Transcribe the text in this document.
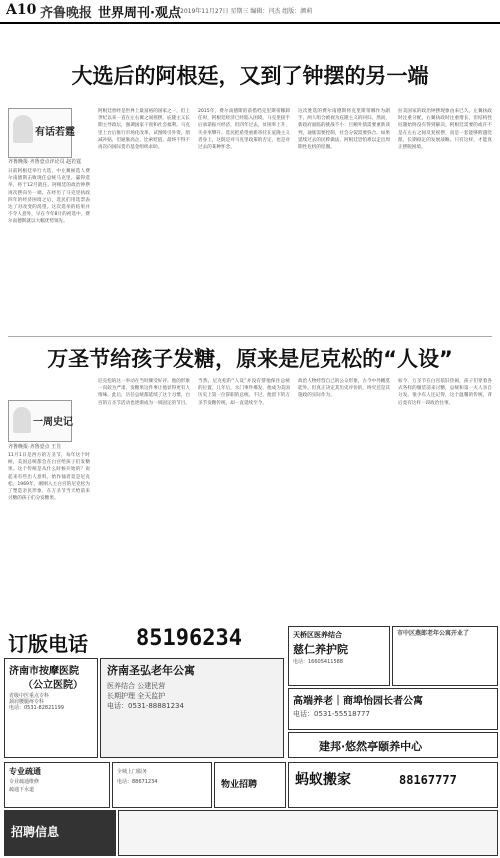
A10 齐鲁晚报 世界周刊·观点 2019年11月27日 星期三 编辑：闫杰 组版：颜莉
大选后的阿根廷，又到了钟摆的另一端
有话若霆
齐鲁晚报·齐鲁壹点评论员 赵若霆
日前阿根廷举行大选，中左翼候选人费尔南德斯击败现任总统马克里，赢得选举，将于12月就任。阿根廷的政治钟摆再次摆向另一端。在经历了马克里执政四年的经济困境之后，选民们用选票表达了对改变的渴望。这次选举的结果并不令人意外，早在今年8月的初选中，费尔南德斯就以大幅优势领先。
阿根廷曾经是世界上最富裕的国家之一，但上世纪以来一直在左右翼之间摇摆。庇隆主义长期主导政坛，强调国家干预和社会福利。马克里上台后推行市场化改革，试图吸引外资，削减补贴，但通胀高企、比索贬值，最终不得不再次向国际货币基金组织求助。
2015年，费尔南德斯的前搭档克里斯蒂娜卸任时，阿根廷经济已经陷入困境。马克里接手后承诺振兴经济，但四年过去，贫困率上升，失业率攀升。选民把希望重新寄托在庇隆主义者身上，这既是对马克里政策的否定，也是对过去的某种怀念。
这次胜选的费尔南德斯将克里斯蒂娜作为副手，两人组合被视为庇隆主义的回归。然而，新政府面临的挑战不小：巨额外债需要重新谈判，通胀需要控制，社会分裂需要弥合。如果延续过去的民粹做法，阿根廷恐怕难以走出周期性危机的怪圈。
拉美国家的政治钟摆现象由来已久。左翼执政时注重分配，右翼执政时注重增长，但结构性问题始终没有得到解决。阿根廷需要的或许不是在左右之间反复摇摆，而是一套能够跨越党派、长期稳定的发展战略。只有这样，才能真正摆脱困境。
万圣节给孩子发糖，原来是尼克松的“人设”
一周史记
齐鲁晚报·齐鲁壹点 王昱
11月1日是西方的万圣节，每年这个时候，美国总统都会在白宫给孩子们发糖果。这个传统是从什么时候开始的？说起来有些出人意料，始作俑者竟是尼克松。1969年，刚刚入主白宫的尼克松为了塑造亲民形象，在万圣节当天给前来讨糖的孩子们分发糖果。
尼克松的这一举动在当时颇受好评。他的形象一向较为严肃，发糖果这件事让他显得更有人情味。此后，历任总统都延续了这个习惯，白宫的万圣节活动也逐渐成为一项固定的节目。
当然，尼克松的“人设”并没有帮他保住总统的位置。几年后，水门事件爆发，他成为美国历史上第一位辞职的总统。不过，他留下的万圣节发糖传统，却一直延续至今。
政治人物经营自己的公众形象，古今中外概莫能外。但真正决定其历史评价的，终究还是其施政的实际作为。
如今，万圣节在白宫依旧热闹，孩子们穿着各式各样的服装前来讨糖，总统和第一夫人亲自分发。很少有人还记得，这个温馨的传统，背后竟有这样一段政治往事。
订版电话 85196234
济南市按摩医院
（公立医院）
省级中医重点专科
颈肩腰腿疼专科
电话：0531-82821199
济南圣弘老年公寓
医养结合 公建民营
长期护理 全天监护
电话：0531-88881234
天桥区医养结合
慈仁养护院
电话：16605411588
市中区燕郎老年公寓开业了
高端养老｜商埠怡园长者公寓
电话：0531-55518777
建邦·悠然亭颐养中心
专业疏通
专业疏通维修
疏通下水道
全城上门服务
电话：88671234	物业招聘	蚂蚁搬家	88167777
招聘信息
